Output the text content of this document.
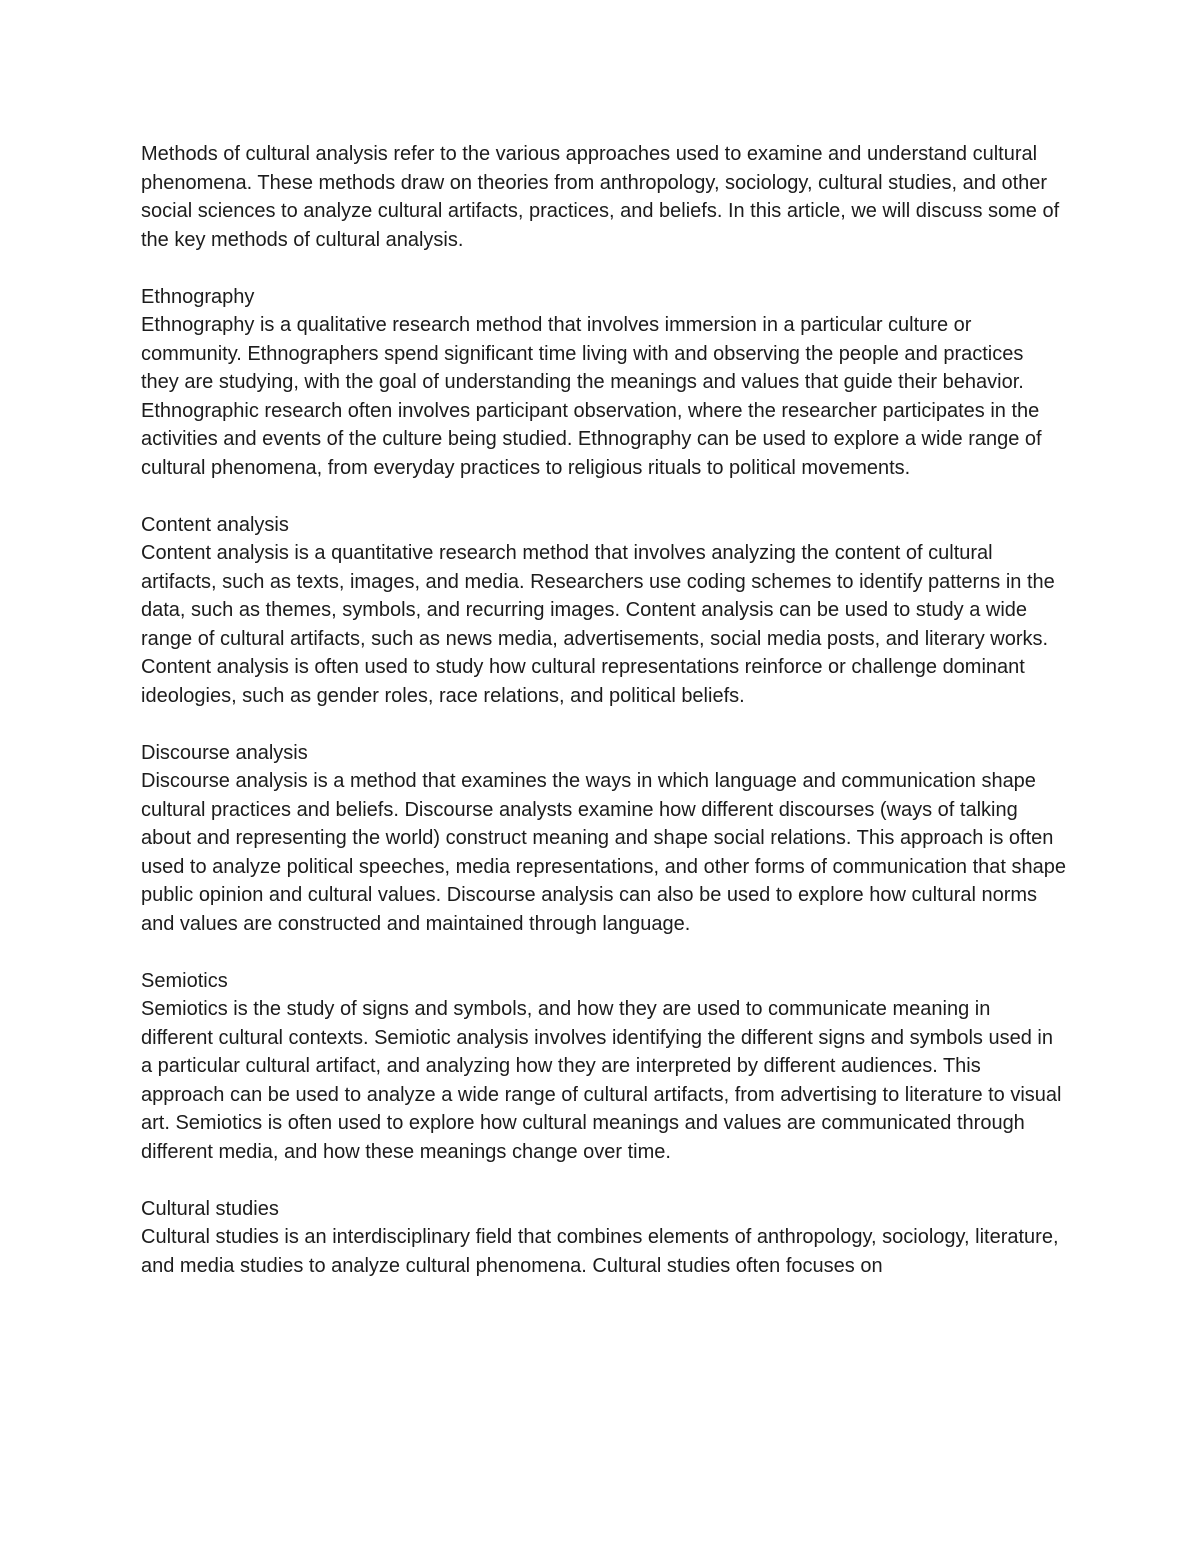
Methods of cultural analysis refer to the various approaches used to examine and understand cultural phenomena. These methods draw on theories from anthropology, sociology, cultural studies, and other social sciences to analyze cultural artifacts, practices, and beliefs. In this article, we will discuss some of the key methods of cultural analysis.

Ethnography

Ethnography is a qualitative research method that involves immersion in a particular culture or community. Ethnographers spend significant time living with and observing the people and practices they are studying, with the goal of understanding the meanings and values that guide their behavior. Ethnographic research often involves participant observation, where the researcher participates in the activities and events of the culture being studied. Ethnography can be used to explore a wide range of cultural phenomena, from everyday practices to religious rituals to political movements.

Content analysis

Content analysis is a quantitative research method that involves analyzing the content of cultural artifacts, such as texts, images, and media. Researchers use coding schemes to identify patterns in the data, such as themes, symbols, and recurring images. Content analysis can be used to study a wide range of cultural artifacts, such as news media, advertisements, social media posts, and literary works. Content analysis is often used to study how cultural representations reinforce or challenge dominant ideologies, such as gender roles, race relations, and political beliefs.

Discourse analysis

Discourse analysis is a method that examines the ways in which language and communication shape cultural practices and beliefs. Discourse analysts examine how different discourses (ways of talking about and representing the world) construct meaning and shape social relations. This approach is often used to analyze political speeches, media representations, and other forms of communication that shape public opinion and cultural values. Discourse analysis can also be used to explore how cultural norms and values are constructed and maintained through language.

Semiotics

Semiotics is the study of signs and symbols, and how they are used to communicate meaning in different cultural contexts. Semiotic analysis involves identifying the different signs and symbols used in a particular cultural artifact, and analyzing how they are interpreted by different audiences. This approach can be used to analyze a wide range of cultural artifacts, from advertising to literature to visual art. Semiotics is often used to explore how cultural meanings and values are communicated through different media, and how these meanings change over time.

Cultural studies

Cultural studies is an interdisciplinary field that combines elements of anthropology, sociology, literature, and media studies to analyze cultural phenomena. Cultural studies often focuses on
